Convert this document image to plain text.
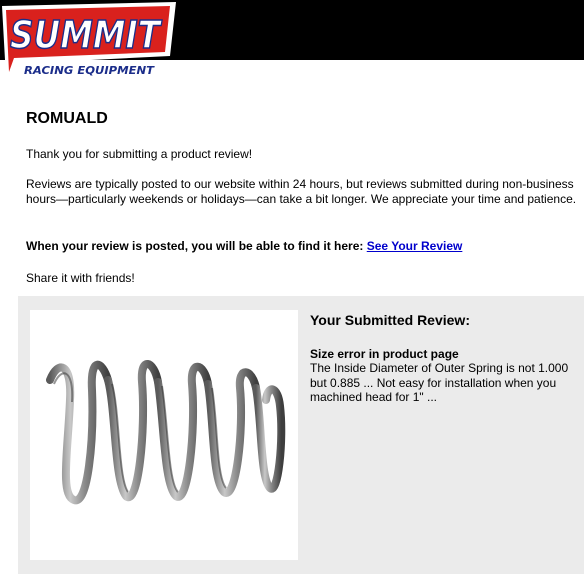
SUMMIT
RACING EQUIPMENT
ROMUALD
Thank you for submitting a product review!
Reviews are typically posted to our website within 24 hours, but reviews submitted during non-business hours—particularly weekends or holidays—can take a bit longer. We appreciate your time and patience.
When your review is posted, you will be able to find it here: See Your Review
Share it with friends!
Your Submitted Review:
Size error in product page
The Inside Diameter of Outer Spring is not 1.000 but 0.885 ... Not easy for installation when you machined head for 1" ...
